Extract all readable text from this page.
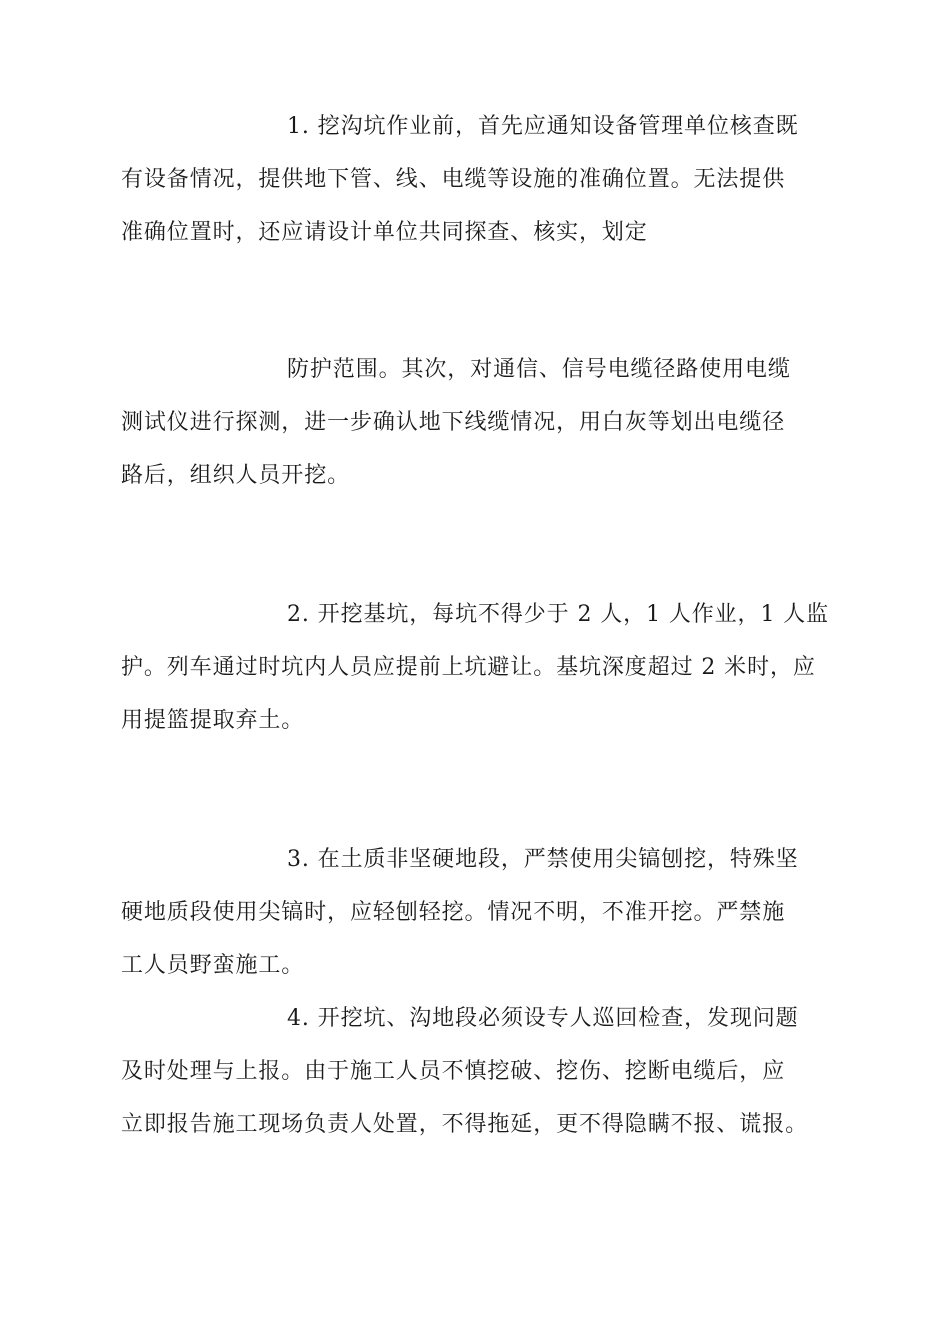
1. 挖沟坑作业前，首先应通知设备管理单位核查既

有设备情况，提供地下管、线、电缆等设施的准确位置。无法提供

准确位置时，还应请设计单位共同探查、核实，划定

防护范围。其次，对通信、信号电缆径路使用电缆

测试仪进行探测，进一步确认地下线缆情况，用白灰等划出电缆径

路后，组织人员开挖。

2. 开挖基坑，每坑不得少于 2 人，1 人作业，1 人监

护。列车通过时坑内人员应提前上坑避让。基坑深度超过 2 米时，应

用提篮提取弃土。

3. 在土质非坚硬地段，严禁使用尖镐刨挖，特殊坚

硬地质段使用尖镐时，应轻刨轻挖。情况不明，不准开挖。严禁施

工人员野蛮施工。

4. 开挖坑、沟地段必须设专人巡回检查，发现问题

及时处理与上报。由于施工人员不慎挖破、挖伤、挖断电缆后，应

立即报告施工现场负责人处置，不得拖延，更不得隐瞒不报、谎报。
